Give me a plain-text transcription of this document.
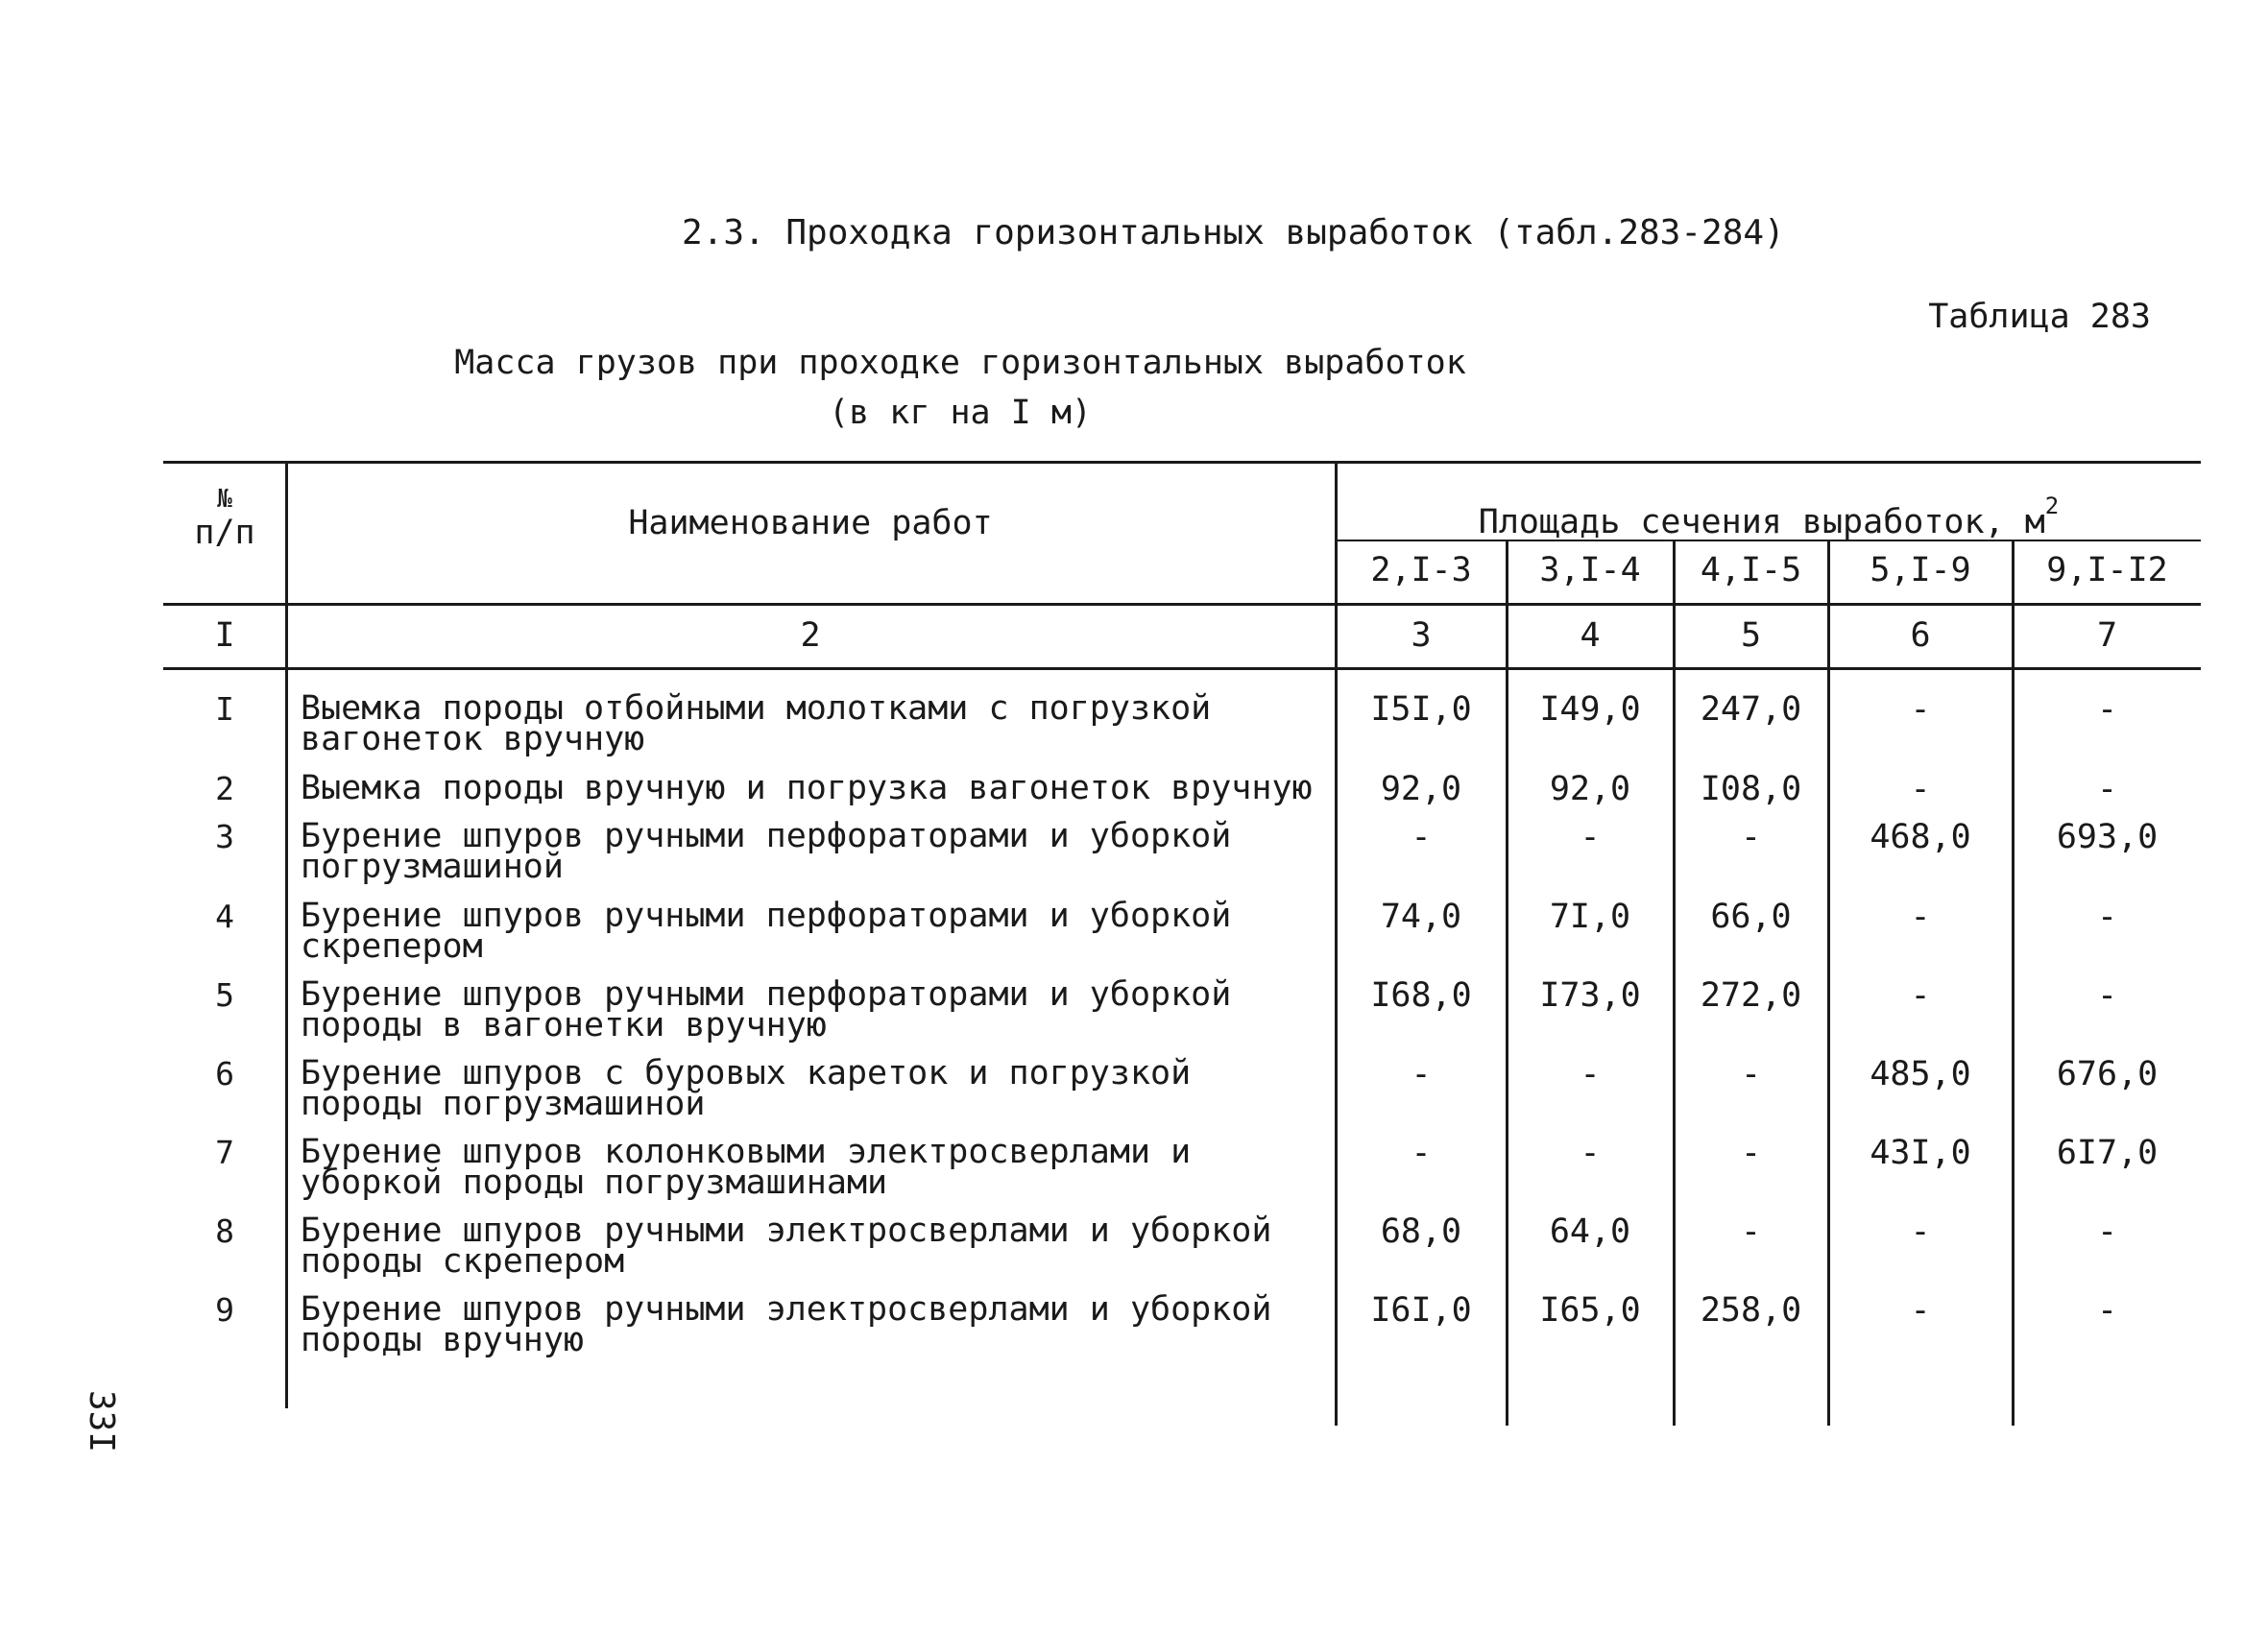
2.3. Проходка горизонтальных выработок (табл.283-284)
Таблица 283
Масса грузов при проходке горизонтальных выработок
(в кг на I м)
33I
№
п/п	Наименование работ	Площадь сечения выработок, $м^2$
2,I-3	3,I-4	4,I-5	5,I-9	9,I-I2
I	2	3	4	5	6	7
I	Выемка породы отбойными молотками с погрузкой
вагонеток вручную
I5I,0	I49,0	247,0	-	-
2	Выемка породы вручную и погрузка вагонеток вручную	92,0	92,0	I08,0	-	-
3	Бурение шпуров ручными перфораторами и уборкой
погрузмашиной
-	-	-	468,0	693,0
4	Бурение шпуров ручными перфораторами и уборкой
скрепером
74,0	7I,0	66,0	-	-
5	Бурение шпуров ручными перфораторами и уборкой
породы в вагонетки вручную
I68,0	I73,0	272,0	-	-
6	Бурение шпуров с буровых кареток и погрузкой
породы погрузмашиной
-	-	-	485,0	676,0
7	Бурение шпуров колонковыми электросверлами и
уборкой породы погрузмашинами
-	-	-	43I,0	6I7,0
8	Бурение шпуров ручными электросверлами и уборкой
породы скрепером
68,0	64,0	-	-	-
9	Бурение шпуров ручными электросверлами и уборкой
породы вручную
I6I,0	I65,0	258,0	-	-
